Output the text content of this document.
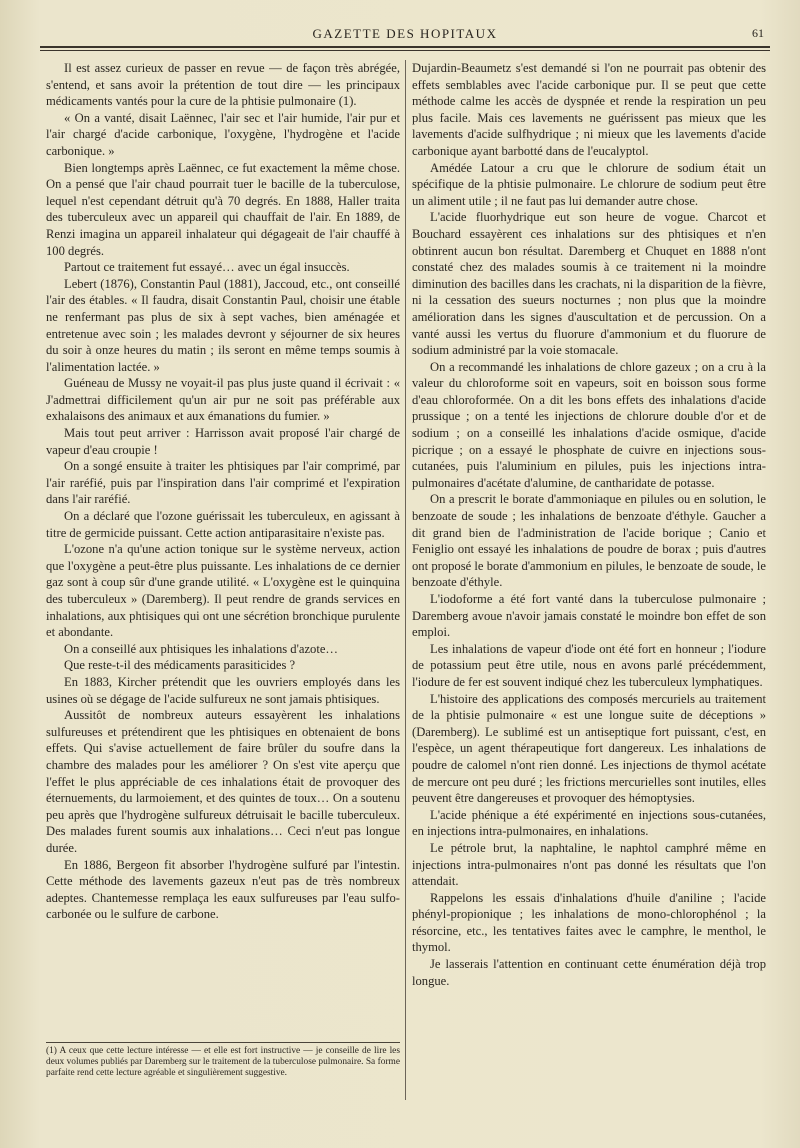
GAZETTE DES HOPITAUX	61

Il est assez curieux de passer en revue — de façon très abrégée, s'entend, et sans avoir la prétention de tout dire — les principaux médicaments vantés pour la cure de la phtisie pulmonaire (1).

« On a vanté, disait Laënnec, l'air sec et l'air humide, l'air pur et l'air chargé d'acide carbonique, l'oxygène, l'hydrogène et l'acide carbonique. »

Bien longtemps après Laënnec, ce fut exactement la même chose. On a pensé que l'air chaud pourrait tuer le bacille de la tuberculose, lequel n'est cependant détruit qu'à 70 degrés. En 1888, Haller traita des tuberculeux avec un appareil qui chauffait de l'air. En 1889, de Renzi imagina un appareil inhalateur qui dégageait de l'air chauffé à 100 degrés.

Partout ce traitement fut essayé… avec un égal insuccès.

Lebert (1876), Constantin Paul (1881), Jaccoud, etc., ont conseillé l'air des étables. « Il faudra, disait Constantin Paul, choisir une étable ne renfermant pas plus de six à sept vaches, bien aménagée et entretenue avec soin ; les malades devront y séjourner de six heures du soir à onze heures du matin ; ils seront en même temps soumis à l'alimentation lactée. »

Guéneau de Mussy ne voyait-il pas plus juste quand il écrivait : « J'admettrai difficilement qu'un air pur ne soit pas préférable aux exhalaisons des animaux et aux émanations du fumier. »

Mais tout peut arriver : Harrisson avait proposé l'air chargé de vapeur d'eau croupie !

On a songé ensuite à traiter les phtisiques par l'air comprimé, par l'air raréfié, puis par l'inspiration dans l'air comprimé et l'expiration dans l'air raréfié.

On a déclaré que l'ozone guérissait les tuberculeux, en agissant à titre de germicide puissant. Cette action antiparasitaire n'existe pas.

L'ozone n'a qu'une action tonique sur le système nerveux, action que l'oxygène a peut-être plus puissante. Les inhalations de ce dernier gaz sont à coup sûr d'une grande utilité. « L'oxygène est le quinquina des tuberculeux » (Daremberg). Il peut rendre de grands services en inhalations, aux phtisiques qui ont une sécrétion bronchique purulente et abondante.

On a conseillé aux phtisiques les inhalations d'azote…

Que reste-t-il des médicaments parasiticides ?

En 1883, Kircher prétendit que les ouvriers employés dans les usines où se dégage de l'acide sulfureux ne sont jamais phtisiques.

Aussitôt de nombreux auteurs essayèrent les inhalations sulfureuses et prétendirent que les phtisiques en obtenaient de bons effets. Qui s'avise actuellement de faire brûler du soufre dans la chambre des malades pour les améliorer ? On s'est vite aperçu que l'effet le plus appréciable de ces inhalations était de provoquer des éternuements, du larmoiement, et des quintes de toux… On a soutenu peu après que l'hydrogène sulfureux détruisait le bacille tuberculeux. Des malades furent soumis aux inhalations… Ceci n'eut pas longue durée.

En 1886, Bergeon fit absorber l'hydrogène sulfuré par l'intestin. Cette méthode des lavements gazeux n'eut pas de très nombreux adeptes. Chantemesse remplaça les eaux sulfureuses par l'eau sulfo-carbonée ou le sulfure de carbone.

(1) A ceux que cette lecture intéresse — et elle est fort instructive — je conseille de lire les deux volumes publiés par Daremberg sur le traitement de la tuberculose pulmonaire. Sa forme parfaite rend cette lecture agréable et singulièrement suggestive.

Dujardin-Beaumetz s'est demandé si l'on ne pourrait pas obtenir des effets semblables avec l'acide carbonique pur. Il se peut que cette méthode calme les accès de dyspnée et rende la respiration un peu plus facile. Mais ces lavements ne guérissent pas mieux que les lavements d'acide sulfhydrique ; ni mieux que les lavements d'acide carbonique ayant barbotté dans de l'eucalyptol.

Amédée Latour a cru que le chlorure de sodium était un spécifique de la phtisie pulmonaire. Le chlorure de sodium peut être un aliment utile ; il ne faut pas lui demander autre chose.

L'acide fluorhydrique eut son heure de vogue. Charcot et Bouchard essayèrent ces inhalations sur des phtisiques et n'en obtinrent aucun bon résultat. Daremberg et Chuquet en 1888 n'ont constaté chez des malades soumis à ce traitement ni la moindre diminution des bacilles dans les crachats, ni la disparition de la fièvre, ni la cessation des sueurs nocturnes ; non plus que la moindre amélioration dans les signes d'auscultation et de percussion. On a vanté aussi les vertus du fluorure d'ammonium et du fluorure de sodium administré par la voie stomacale.

On a recommandé les inhalations de chlore gazeux ; on a cru à la valeur du chloroforme soit en vapeurs, soit en boisson sous forme d'eau chloroformée. On a dit les bons effets des inhalations d'acide prussique ; on a tenté les injections de chlorure double d'or et de sodium ; on a conseillé les inhalations d'acide osmique, d'acide picrique ; on a essayé le phosphate de cuivre en injections sous-cutanées, puis l'aluminium en pilules, puis les injections intra-pulmonaires d'acétate d'alumine, de cantharidate de potasse.

On a prescrit le borate d'ammoniaque en pilules ou en solution, le benzoate de soude ; les inhalations de benzoate d'éthyle. Gaucher a dit grand bien de l'administration de l'acide borique ; Canio et Feniglio ont essayé les inhalations de poudre de borax ; puis d'autres ont proposé le borate d'ammonium en pilules, le benzoate de soude, le benzoate d'éthyle.

L'iodoforme a été fort vanté dans la tuberculose pulmonaire ; Daremberg avoue n'avoir jamais constaté le moindre bon effet de son emploi.

Les inhalations de vapeur d'iode ont été fort en honneur ; l'iodure de potassium peut être utile, nous en avons parlé précédemment, l'iodure de fer est souvent indiqué chez les tuberculeux lymphatiques.

L'histoire des applications des composés mercuriels au traitement de la phtisie pulmonaire « est une longue suite de déceptions » (Daremberg). Le sublimé est un antiseptique fort puissant, c'est, en l'espèce, un agent thérapeutique fort dangereux. Les inhalations de poudre de calomel n'ont rien donné. Les injections de thymol acétate de mercure ont peu duré ; les frictions mercurielles sont inutiles, elles peuvent être dangereuses et provoquer des hémoptysies.

L'acide phénique a été expérimenté en injections sous-cutanées, en injections intra-pulmonaires, en inhalations.

Le pétrole brut, la naphtaline, le naphtol camphré même en injections intra-pulmonaires n'ont pas donné les résultats que l'on attendait.

Rappelons les essais d'inhalations d'huile d'aniline ; l'acide phényl-propionique ; les inhalations de mono-chlorophénol ; la résorcine, etc., les tentatives faites avec le camphre, le menthol, le thymol.

Je lasserais l'attention en continuant cette énumération déjà trop longue.
